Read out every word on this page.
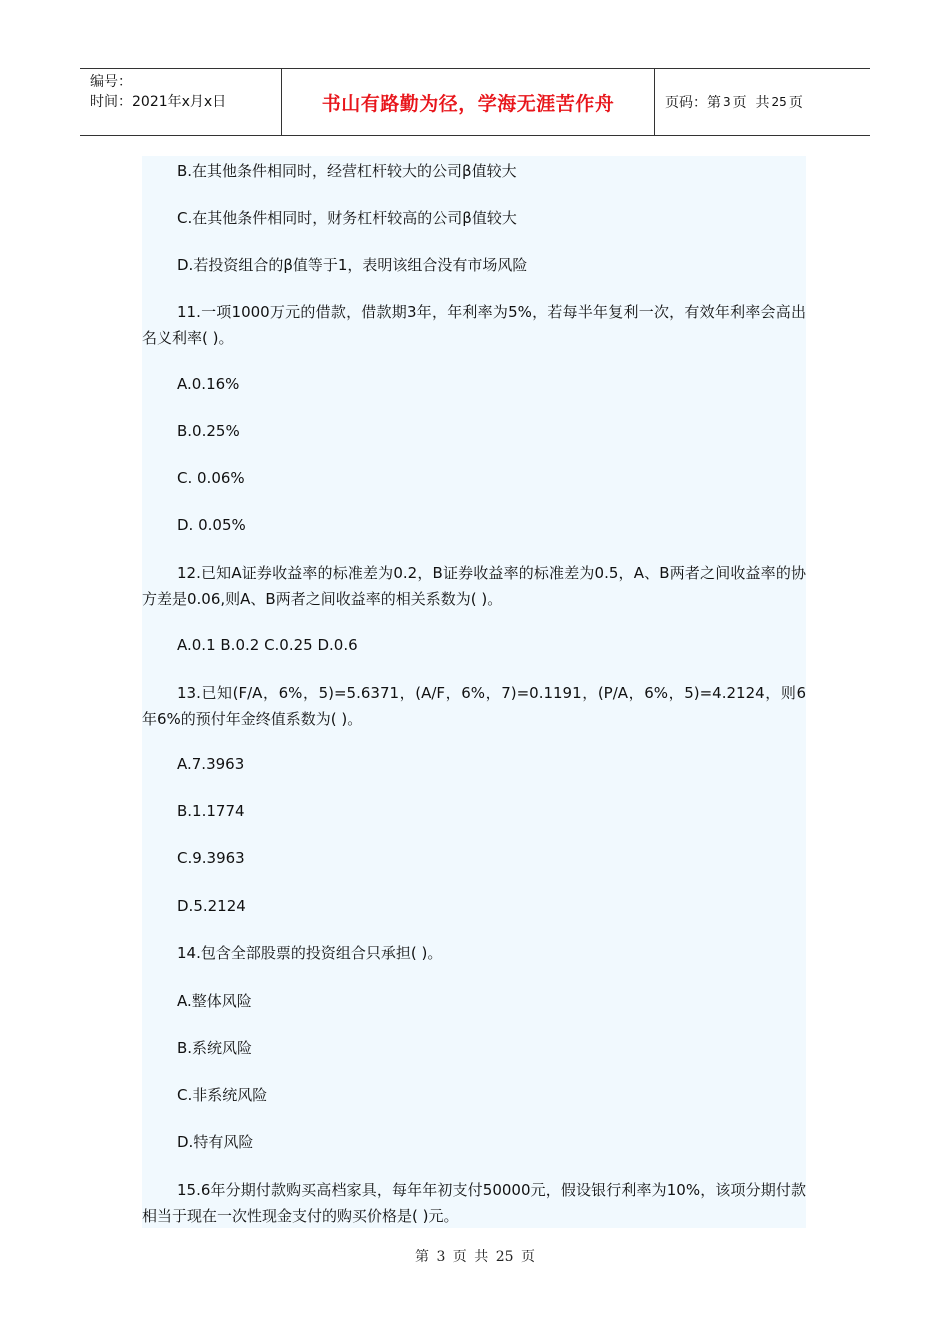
编号：
时间：2021年x月x日	书山有路勤为径，学海无涯苦作舟	页码：第 3 页  共 25 页
B.在其他条件相同时，经营杠杆较大的公司β值较大
C.在其他条件相同时，财务杠杆较高的公司β值较大
D.若投资组合的β值等于1，表明该组合没有市场风险
11.一项1000万元的借款，借款期3年，年利率为5%，若每半年复利一次，有效年利率会高出名义利率( )。
A.0.16%
B.0.25%
C. 0.06%
D. 0.05%
12.已知A证券收益率的标准差为0.2，B证券收益率的标准差为0.5，A、B两者之间收益率的协方差是0.06,则A、B两者之间收益率的相关系数为( )。
A.0.1 B.0.2 C.0.25 D.0.6
13.已知(F/A，6%，5)=5.6371，(A/F，6%，7)=0.1191，(P/A，6%，5)=4.2124，则6年6%的预付年金终值系数为( )。
A.7.3963
B.1.1774
C.9.3963
D.5.2124
14.包含全部股票的投资组合只承担( )。
A.整体风险
B.系统风险
C.非系统风险
D.特有风险
15.6年分期付款购买高档家具，每年年初支付50000元，假设银行利率为10%，该项分期付款相当于现在一次性现金支付的购买价格是( )元。
第 3 页 共 25 页
